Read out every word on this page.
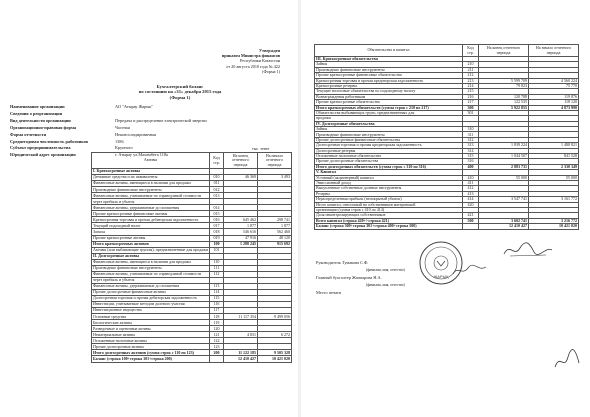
Утвержден
приказом Министра финансов
Республики Казахстан
от 20 августа 2010 года № 422
(Форма 1)
Бухгалтерский баланс
по состоянию на «31» декабря 2015 года
(Форма 1)
Наименование организации	АО "Атырау Жарык"
Сведения о реорганизации
Вид деятельности организации	Передача и распределение электрической энергии
Организационно-правовая форма	Частная
Форма отчетности	Неконсолидированная
Среднегодовая численность работников	1386
Субъект предпринимательства	Крупного
Юридический адрес организации	г. Атырау ул.Махамбета 118а
тыс. тенге
Активы	Код стр.	На конец отчетного периода	На начало отчетного периода
I. Краткосрочные активы			
Денежные средства и их эквиваленты	010	46 369	3 493
Финансовые активы, имеющиеся в наличии для продажи	011		
Производные финансовые инструменты	012		
Финансовые активы, учитываемые по справедливой стоимости	013		
через прибыль и убыток			
Финансовые активы, удерживаемые до погашения	014		
Прочие краткосрочные финансовые активы	015		
Краткосрочная торговая и прочая дебиторская задолженность	016	645 462	298 741
Текущий подоходный налог	017	1 877	1 877
Запасы	018	546 616	562 460
Прочие краткосрочные активы	019	47 916	48 120
Итого краткосрочных активов	100	1 288 245	915 692
Активы (или выбывающие группы), предназначенные для продажи	101		
II. Долгосрочные активы			
Финансовые активы, имеющиеся в наличии для продажи	110		
Производные финансовые инструменты	111		
Финансовые активы, учитываемые по справедливой стоимости	112		
через прибыль и убыток			
Финансовые активы, удерживаемые до погашения	113		
Прочие долгосрочные финансовые активы	114		
Долгосрочная торговая и прочая дебиторская задолженность	115		
Инвестиции, учитываемые методом долевого участия	116		
Инвестиционное имущество	117		
Основные средства	118	11 117 354	9 499 056
Биологические активы	119		
Разведочные и оценочные активы	120		
Нематериальные активы	121	4 831	6 272
Отложенные налоговые активы	122		
Прочие долгосрочные активы	123		
Итого долгосрочных активов (сумма строк с 110 по 123)	200	11 122 185	9 505 328
Баланс (строка 100+строка 101+строка 200)		12 410 427	10 421 020
Обязательства и капитал	Код стр.	На конец отчетного периода	На начало отчетного периода
III. Краткосрочные обязательства			
Займы	210		
Производные финансовые инструменты	211		
Прочие краткосрочные финансовые обязательства	212		
Краткосрочная торговая и прочая кредиторская задолженность	213	5 599 709	4 560 224
Краткосрочные резервы	214	79 823	75 770
Текущие налоговые обязательства по подоходному налогу	215		
Вознаграждения работникам	216	120 788	119 876
Прочие краткосрочные обязательства	217	122 535	118 120
Итого краткосрочных обязательств (сумма строк с 210 по 217)	300	5 922 855	4 873 990
Обязательства выбывающих групп, предназначенных для	301		
продажи			
IV. Долгосрочные обязательства			
Займы	310		
Производные финансовые инструменты	311		
Прочие долгосрочные финансовые обязательства	312		
Долгосрочная торговая и прочая кредиторская задолженность	313	1 839 224	1 488 821
Долгосрочные резервы	314		
Отложенные налоговые обязательства	315	1 044 507	841 528
Прочие долгосрочные обязательства	316		
Итого долгосрочных обязательств (сумма строк с 310 по 316)	400	2 883 731	2 330 349
V. Капитал			
Уставный (акционерный) капитал	410	55 000	55 000
Эмиссионный доход	411		
Выкупленные собственные долевые инструменты	412		
Резервы	413		
Нераспределенная прибыль (непокрытый убыток)	414	3 547 741	3 161 772
Итого капитал, относимый на собственников материнской	420		
организации (сумма строк с 410 по 414)			
Доля неконтролирующих собственников	421		
Всего капитал (строка 420+/-строка 421)	500	3 602 741	3 216 772
Баланс (строка 300+строка 301+строка 400+строка 500)		12 410 427	10 421 020
Руководитель Тумакова С.Ф.
(фамилия, имя, отчество)
Главный бухгалтер Жаппарова Н.А.
(фамилия, имя, отчество)
Место печати
ЖАРЫҚ
